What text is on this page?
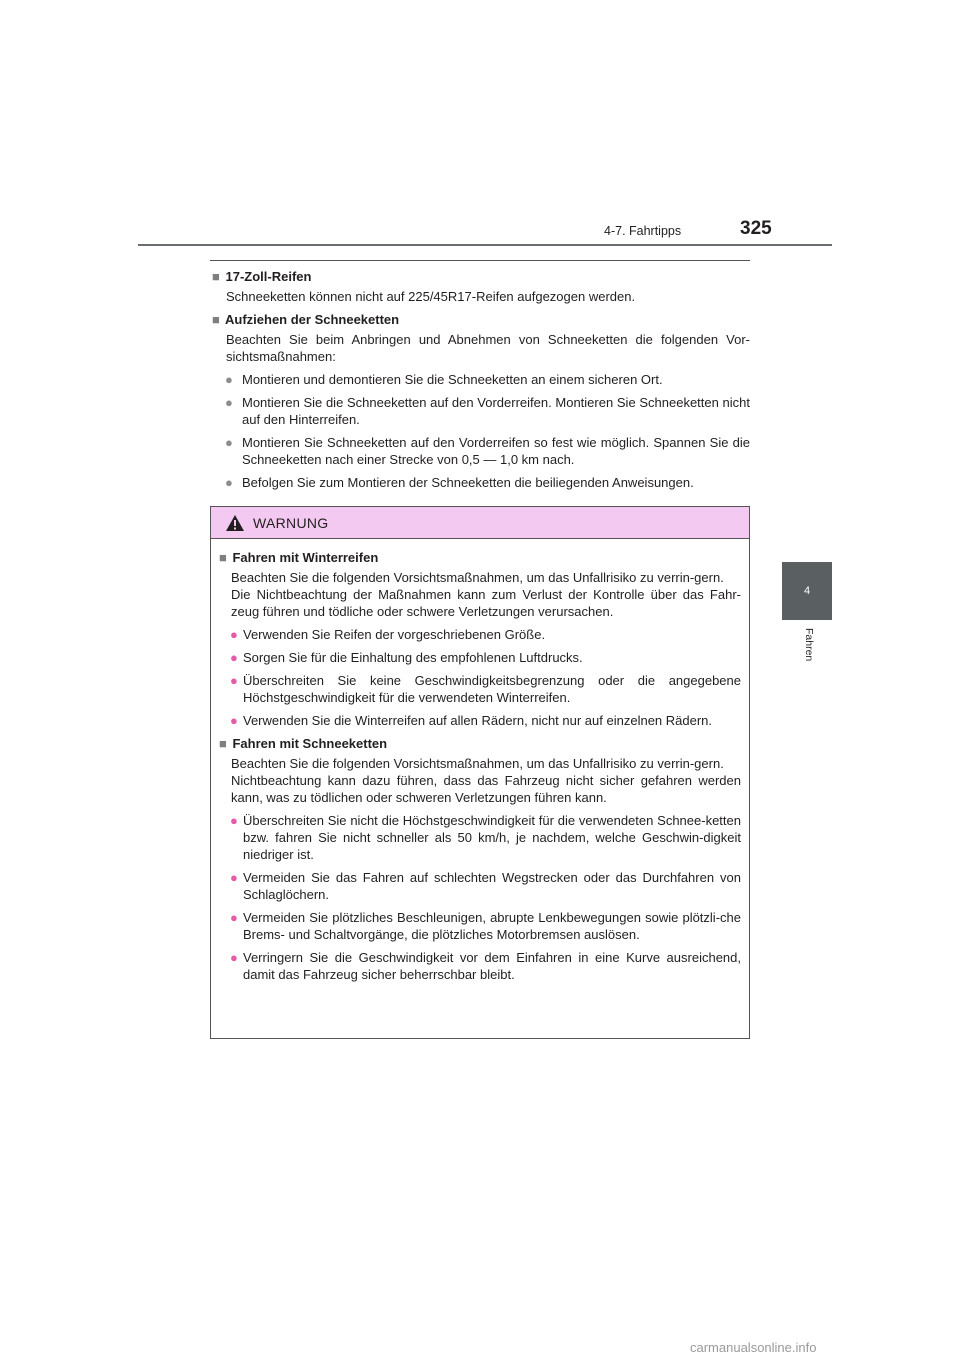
4-7. Fahrtipps	325
4
Fahren

■ 17-Zoll-Reifen

Schneeketten können nicht auf 225/45R17-Reifen aufgezogen werden.

■ Aufziehen der Schneeketten

Beachten Sie beim Anbringen und Abnehmen von Schneeketten die folgenden Vor-sichtsmaßnahmen:

● Montieren und demontieren Sie die Schneeketten an einem sicheren Ort.
● Montieren Sie die Schneeketten auf den Vorderreifen. Montieren Sie Schneeketten nicht auf den Hinterreifen.
● Montieren Sie Schneeketten auf den Vorderreifen so fest wie möglich. Spannen Sie die Schneeketten nach einer Strecke von 0,5 — 1,0 km nach.
● Befolgen Sie zum Montieren der Schneeketten die beiliegenden Anweisungen.
WARNUNG

■ Fahren mit Winterreifen

Beachten Sie die folgenden Vorsichtsmaßnahmen, um das Unfallrisiko zu verrin-gern.

Die Nichtbeachtung der Maßnahmen kann zum Verlust der Kontrolle über das Fahr-zeug führen und tödliche oder schwere Verletzungen verursachen.

● Verwenden Sie Reifen der vorgeschriebenen Größe.
● Sorgen Sie für die Einhaltung des empfohlenen Luftdrucks.
● Überschreiten Sie keine Geschwindigkeitsbegrenzung oder die angegebene Höchstgeschwindigkeit für die verwendeten Winterreifen.
● Verwenden Sie die Winterreifen auf allen Rädern, nicht nur auf einzelnen Rädern.

■ Fahren mit Schneeketten

Beachten Sie die folgenden Vorsichtsmaßnahmen, um das Unfallrisiko zu verrin-gern.

Nichtbeachtung kann dazu führen, dass das Fahrzeug nicht sicher gefahren werden kann, was zu tödlichen oder schweren Verletzungen führen kann.

● Überschreiten Sie nicht die Höchstgeschwindigkeit für die verwendeten Schnee-ketten bzw. fahren Sie nicht schneller als 50 km/h, je nachdem, welche Geschwin-digkeit niedriger ist.
● Vermeiden Sie das Fahren auf schlechten Wegstrecken oder das Durchfahren von Schlaglöchern.
● Vermeiden Sie plötzliches Beschleunigen, abrupte Lenkbewegungen sowie plötzli-che Brems- und Schaltvorgänge, die plötzliches Motorbremsen auslösen.
● Verringern Sie die Geschwindigkeit vor dem Einfahren in eine Kurve ausreichend, damit das Fahrzeug sicher beherrschbar bleibt.
carmanualsonline.info
